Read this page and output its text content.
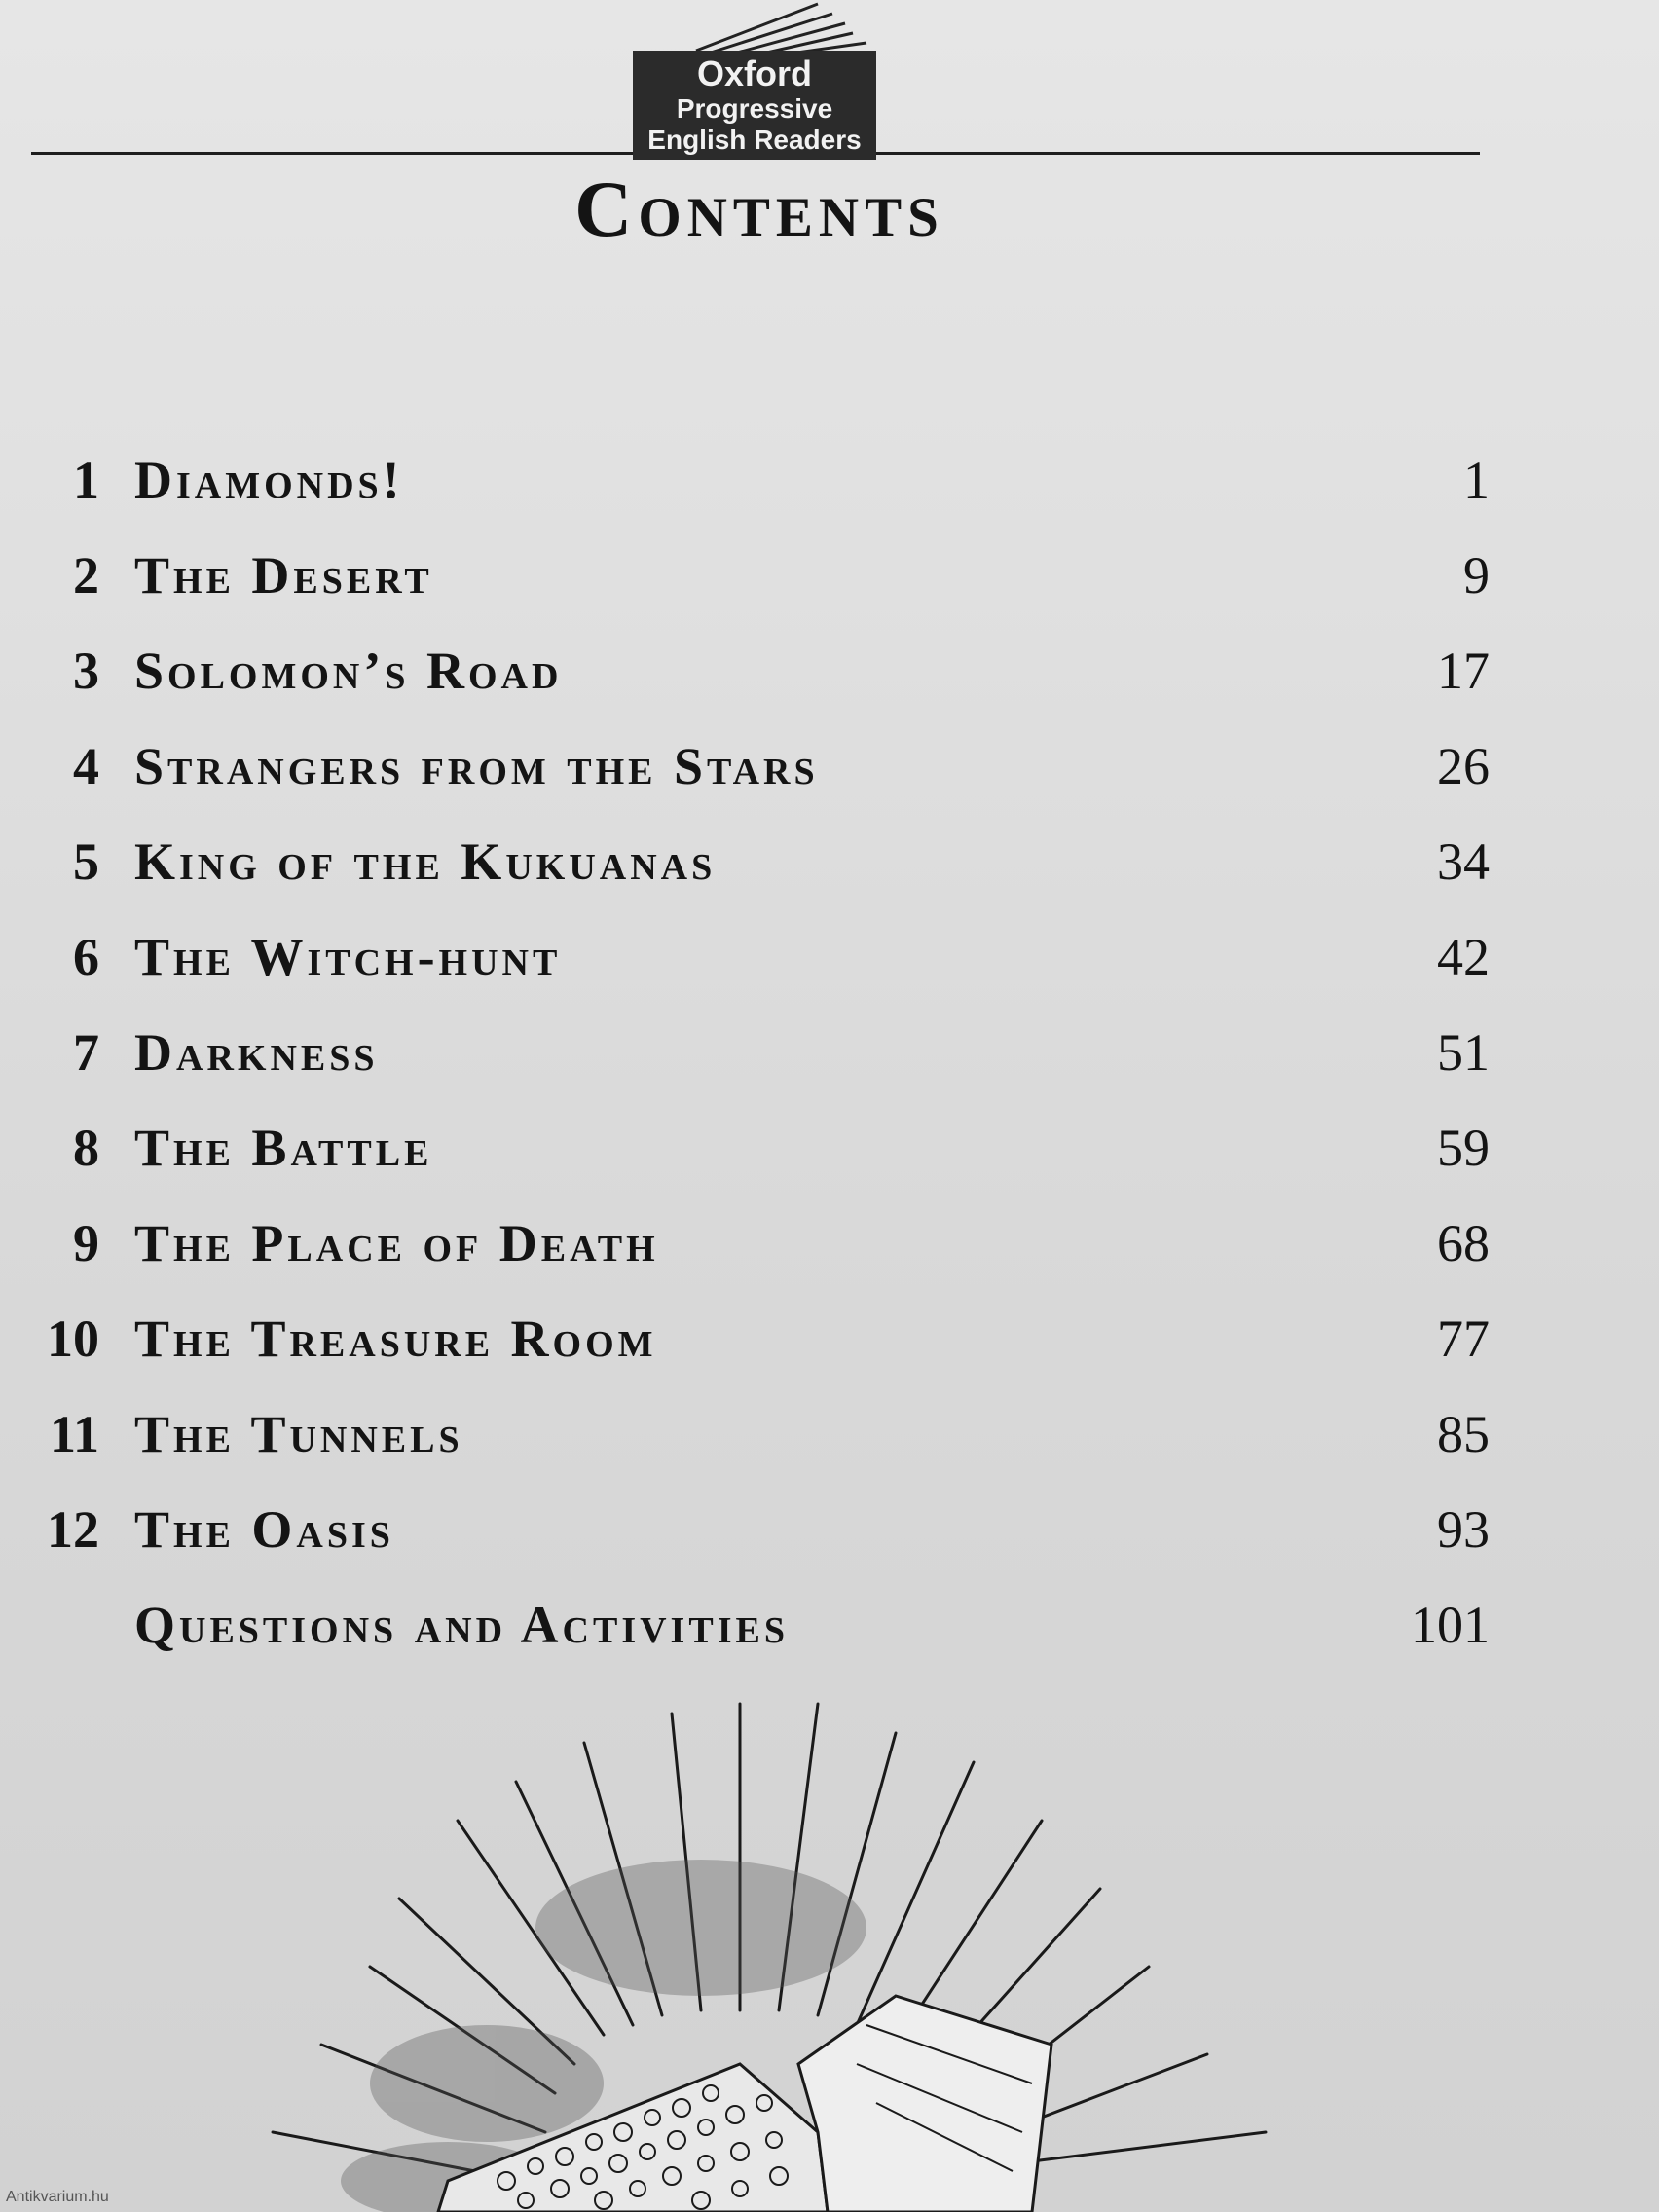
Oxford
Progressive
English Readers
Contents
1 Diamonds!	1
2 The Desert	9
3 Solomon’s Road	17
4 Strangers from the Stars	26
5 King of the Kukuanas	34
6 The Witch-hunt	42
7 Darkness	51
8 The Battle	59
9 The Place of Death	68
10 The Treasure Room	77
11 The Tunnels	85
12 The Oasis	93
Questions and Activities	101
Antikvarium.hu
